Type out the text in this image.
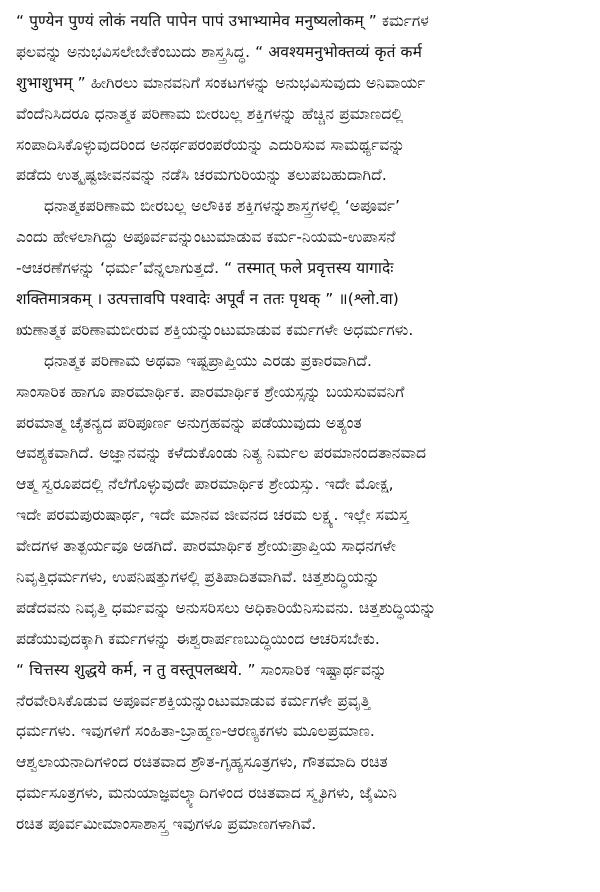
“ पुण्येन पुण्यं लोकं नयति पापेन पापं उभाभ्यामेव मनुष्यलोकम् ” ಕರ್ಮಗಳ
ಫಲವನ್ನು ಅನುಭವಿಸಲೇಬೇಕೆಂಬುದು ಶಾಸ್ತ್ರಸಿದ್ಧ. “ अवश्यमनुभोक्तव्यं कृतं कर्म
शुभाशुभम् ” ಹೀಗಿರಲು ಮಾನವನಿಗೆ ಸಂಕಟಗಳನ್ನು ಅನುಭವಿಸುವುದು ಅನಿವಾರ್ಯ
ವೆಂದೆನಿಸಿದರೂ ಧನಾತ್ಮಕ ಪರಿಣಾಮ ಬೀರಬಲ್ಲ ಶಕ್ತಿಗಳನ್ನು ಹೆಚ್ಚಿನ ಪ್ರಮಾಣದಲ್ಲಿ
ಸಂಪಾದಿಸಿಕೊಳ್ಳುವುದರಿಂದ ಅನರ್ಥಪರಂಪರೆಯನ್ನು ಎದುರಿಸುವ ಸಾಮರ್ಥ್ಯವನ್ನು
ಪಡೆದು ಉತ್ಕೃಷ್ಟಜೀವನವನ್ನು ನಡೆಸಿ ಚರಮಗುರಿಯನ್ನು ತಲುಪಬಹುದಾಗಿದೆ.
ಧನಾತ್ಮಕಪರಿಣಾಮ ಬೀರಬಲ್ಲ ಅಲೌಕಿಕ ಶಕ್ತಿಗಳನ್ನುಶಾಸ್ತ್ರಗಳಲ್ಲಿ ‘ಅಪೂರ್ವ’
ಎಂದು ಹೇಳಲಾಗಿದ್ದು ಅಪೂರ್ವವನ್ನುಂಟುಮಾಡುವ ಕರ್ಮ-ನಿಯಮ-ಉಪಾಸನೆ
-ಆಚರಣೆಗಳನ್ನು ‘ಧರ್ಮ’ವೆನ್ನಲಾಗುತ್ತದೆ. “ तस्मात् फले प्रवृत्तस्य यागादेः
शक्तिमात्रकम् । उत्पत्तावपि पश्वादेः अपूर्वं न ततः पृथक् ” ॥(श्लो.वा)
ಋಣಾತ್ಮಕ ಪರಿಣಾಮಬೀರುವ ಶಕ್ತಿಯನ್ನುಂಟುಮಾಡುವ ಕರ್ಮಗಳೇ ಅಧರ್ಮಗಳು.
ಧನಾತ್ಮಕ ಪರಿಣಾಮ ಅಥವಾ ಇಷ್ಟಪ್ರಾಪ್ತಿಯು ಎರಡು ಪ್ರಕಾರವಾಗಿದೆ.
ಸಾಂಸಾರಿಕ ಹಾಗೂ ಪಾರಮಾರ್ಥಿಕ. ಪಾರಮಾರ್ಥಿಕ ಶ್ರೇಯಸ್ಸನ್ನು ಬಯಸುವವನಿಗೆ
ಪರಮಾತ್ಮ ಚೈತನ್ಯದ ಪರಿಪೂರ್ಣ ಅನುಗ್ರಹವನ್ನು ಪಡೆಯುವುದು ಅತ್ಯಂತ
ಆವಶ್ಯಕವಾಗಿದೆ. ಅಜ್ಞಾನವನ್ನು ಕಳೆದುಕೊಂಡು ನಿತ್ಯ ನಿರ್ಮಲ ಪರಮಾನಂದತಾನವಾದ
ಆತ್ಮ ಸ್ವರೂಪದಲ್ಲಿ ನೆಲೆಗೊಳ್ಳುವುದೇ ಪಾರಮಾರ್ಥಿಕ ಶ್ರೇಯಸ್ಸು. ಇದೇ ಮೋಕ್ಷ,
ಇದೇ ಪರಮಪುರುಷಾರ್ಥ, ಇದೇ ಮಾನವ ಜೀವನದ ಚರಮ ಲಕ್ಷ್ಯ. ಇಲ್ಲೇ ಸಮಸ್ತ
ವೇದಗಳ ತಾತ್ಪರ್ಯವೂ ಅಡಗಿದೆ. ಪಾರಮಾರ್ಥಿಕ ಶ್ರೇಯಃಪ್ರಾಪ್ತಿಯ ಸಾಧನಗಳೇ
ನಿವೃತ್ತಿಧರ್ಮಗಳು, ಉಪನಿಷತ್ತುಗಳಲ್ಲಿ ಪ್ರತಿಪಾದಿತವಾಗಿವೆ. ಚಿತ್ತಶುದ್ಧಿಯನ್ನು
ಪಡೆದವನು ನಿವೃತ್ತಿ ಧರ್ಮವನ್ನು ಅನುಸರಿಸಲು ಅಧಿಕಾರಿಯೆನಿಸುವನು. ಚಿತ್ತಶುದ್ಧಿಯನ್ನು
ಪಡೆಯುವುದಕ್ಕಾಗಿ ಕರ್ಮಗಳನ್ನು ಈಶ್ವರಾರ್ಪಣಬುದ್ಧಿಯಿಂದ ಆಚರಿಸಬೇಕು.
“ चित्तस्य शुद्धये कर्म, न तु वस्तूपलब्धये. ” ಸಾಂಸಾರಿಕ ಇಷ್ಟಾರ್ಥವನ್ನು
ನೆರವೇರಿಸಿಕೊಡುವ ಅಪೂರ್ವಶಕ್ತಿಯನ್ನುಂಟುಮಾಡುವ ಕರ್ಮಗಳೇ ಪ್ರವೃತ್ತಿ
ಧರ್ಮಗಳು. ಇವುಗಳಿಗೆ ಸಂಹಿತಾ-ಬ್ರಾಹ್ಮಣ-ಆರಣ್ಯಕಗಳು ಮೂಲಪ್ರಮಾಣ.
ಆಶ್ವಲಾಯನಾದಿಗಳಿಂದ ರಚಿತವಾದ ಶ್ರೌತ-ಗೃಹ್ಯಸೂತ್ರಗಳು, ಗೌತಮಾದಿ ರಚಿತ
ಧರ್ಮಸೂತ್ರಗಳು, ಮನುಯಾಜ್ಞವಲ್ಕ್ಯಾದಿಗಳಿಂದ ರಚಿತವಾದ ಸ್ಮೃತಿಗಳು, ಜೈಮಿನಿ
ರಚಿತ ಪೂರ್ವಮೀಮಾಂಸಾಶಾಸ್ತ್ರ ಇವುಗಳೂ ಪ್ರಮಾಣಗಳಾಗಿವೆ.
